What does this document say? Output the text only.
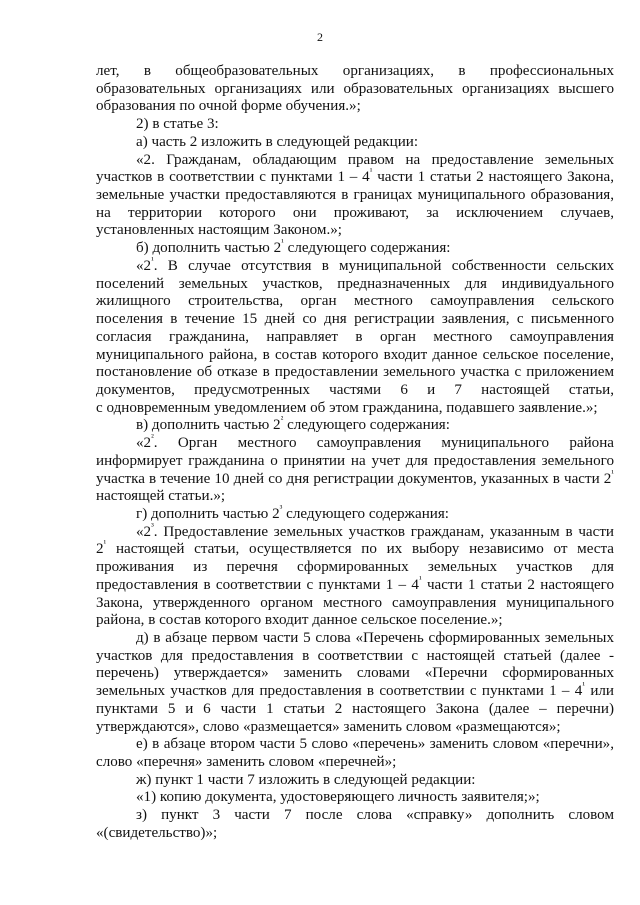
2
лет, в общеобразовательных организациях, в профессиональных
образовательных организациях или образовательных организациях высшего
образования по очной форме обучения.»;
2) в статье 3:
а) часть 2 изложить в следующей редакции:
«2. Гражданам, обладающим правом на предоставление земельных
участков в соответствии с пунктами $1 - 4^{^1}$ части 1 статьи 2 настоящего Закона,
земельные участки предоставляются в границах муниципального образования,
на территории которого они проживают, за исключением случаев,
установленных настоящим Законом.»;
б) дополнить частью $2^{^1}$ следующего содержания:
«$2^{^1}$. В случае отсутствия в муниципальной собственности сельских
поселений земельных участков, предназначенных для индивидуального
жилищного строительства, орган местного самоуправления сельского
поселения в течение 15 дней со дня регистрации заявления, с письменного
согласия гражданина, направляет в орган местного самоуправления
муниципального района, в состав которого входит данное сельское поселение,
постановление об отказе в предоставлении земельного участка с приложением
документов, предусмотренных частями 6 и 7 настоящей статьи,
с одновременным уведомлением об этом гражданина, подавшего заявление.»;
в) дополнить частью $2^{^2}$ следующего содержания:
«$2^{^2}$. Орган местного самоуправления муниципального района
информирует гражданина о принятии на учет для предоставления земельного
участка в течение 10 дней со дня регистрации документов, указанных в части $2^{^1}$
настоящей статьи.»;
г) дополнить частью $2^{^3}$ следующего содержания:
«$2^{^3}$. Предоставление земельных участков гражданам, указанным в части
$2^{^1}$ настоящей статьи, осуществляется по их выбору независимо от места
проживания из перечня сформированных земельных участков для
предоставления в соответствии с пунктами $1 - 4^{^1}$ части 1 статьи 2 настоящего
Закона, утвержденного органом местного самоуправления муниципального
района, в состав которого входит данное сельское поселение.»;
д) в абзаце первом части 5 слова «Перечень сформированных земельных
участков для предоставления в соответствии с настоящей статьей (далее -
перечень) утверждается» заменить словами «Перечни сформированных
земельных участков для предоставления в соответствии с пунктами $1 - 4^{^1}$ или
пунктами 5 и 6 части 1 статьи 2 настоящего Закона (далее – перечни)
утверждаются», слово «размещается» заменить словом «размещаются»;
е) в абзаце втором части 5 слово «перечень» заменить словом «перечни»,
слово «перечня» заменить словом «перечней»;
ж) пункт 1 части 7 изложить в следующей редакции:
«1) копию документа, удостоверяющего личность заявителя;»;
з) пункт 3 части 7 после слова «справку» дополнить словом
«(свидетельство)»;
